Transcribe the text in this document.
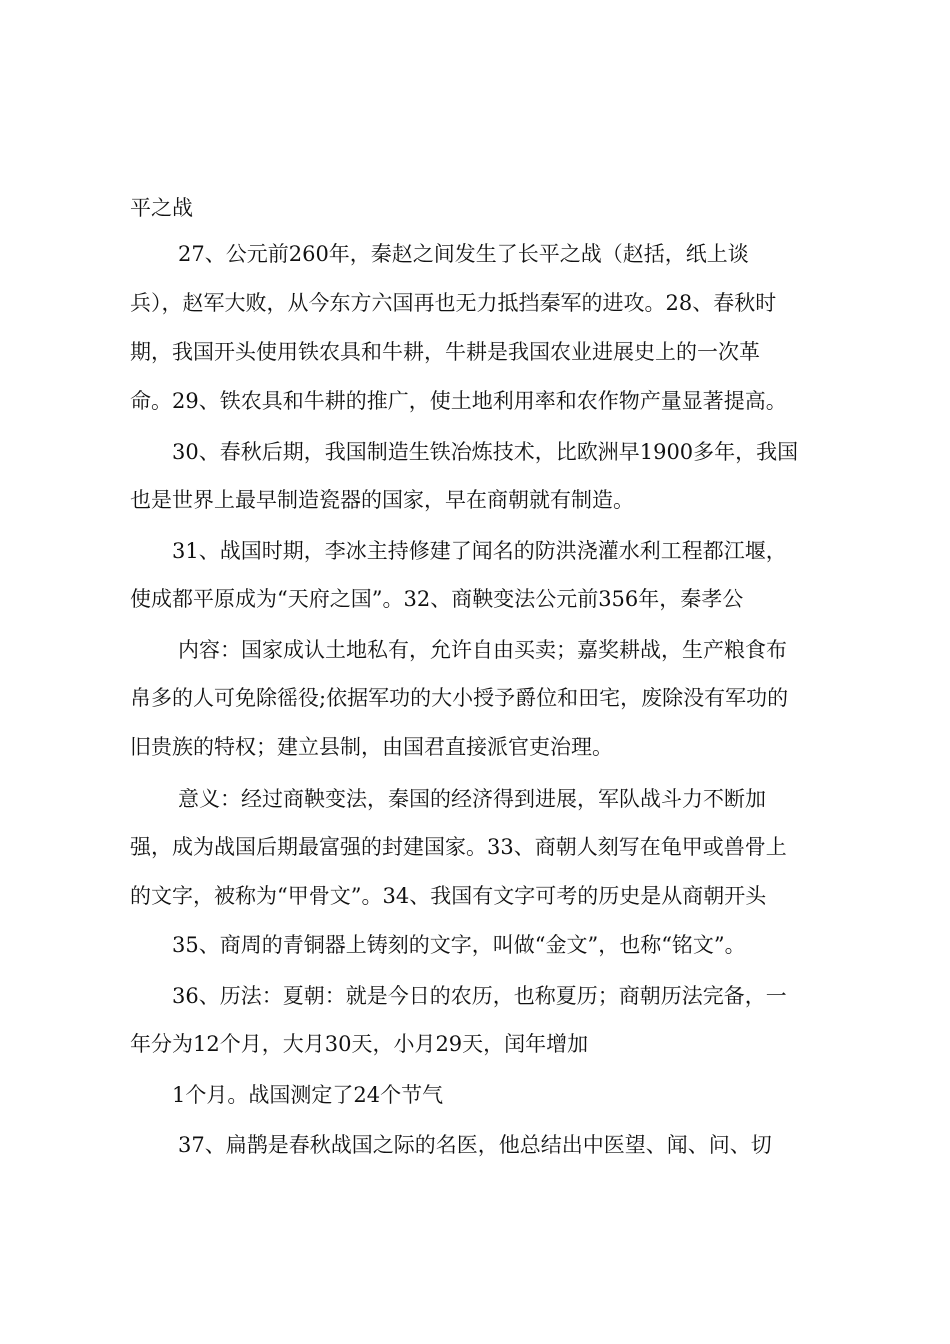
平之战

27、公元前260年，秦赵之间发生了长平之战（赵括，纸上谈

兵），赵军大败，从今东方六国再也无力抵挡秦军的进攻。28、春秋时

期，我国开头使用铁农具和牛耕，牛耕是我国农业进展史上的一次革

命。29、铁农具和牛耕的推广，使土地利用率和农作物产量显著提高。

30、春秋后期，我国制造生铁冶炼技术，比欧洲早1900多年，我国

也是世界上最早制造瓷器的国家，早在商朝就有制造。

31、战国时期，李冰主持修建了闻名的防洪浇灌水利工程都江堰，

使成都平原成为“天府之国”。32、商鞅变法公元前356年，秦孝公

内容：国家成认土地私有，允许自由买卖；嘉奖耕战，生产粮食布

帛多的人可免除徭役;依据军功的大小授予爵位和田宅，废除没有军功的

旧贵族的特权；建立县制，由国君直接派官吏治理。

意义：经过商鞅变法，秦国的经济得到进展，军队战斗力不断加

强，成为战国后期最富强的封建国家。33、商朝人刻写在龟甲或兽骨上

的文字，被称为“甲骨文”。34、我国有文字可考的历史是从商朝开头

35、商周的青铜器上铸刻的文字，叫做“金文”，也称“铭文”。

36、历法：夏朝：就是今日的农历，也称夏历；商朝历法完备，一

年分为12个月，大月30天，小月29天，闰年增加

1个月。战国测定了24个节气

37、扁鹊是春秋战国之际的名医，他总结出中医望、闻、问、切
